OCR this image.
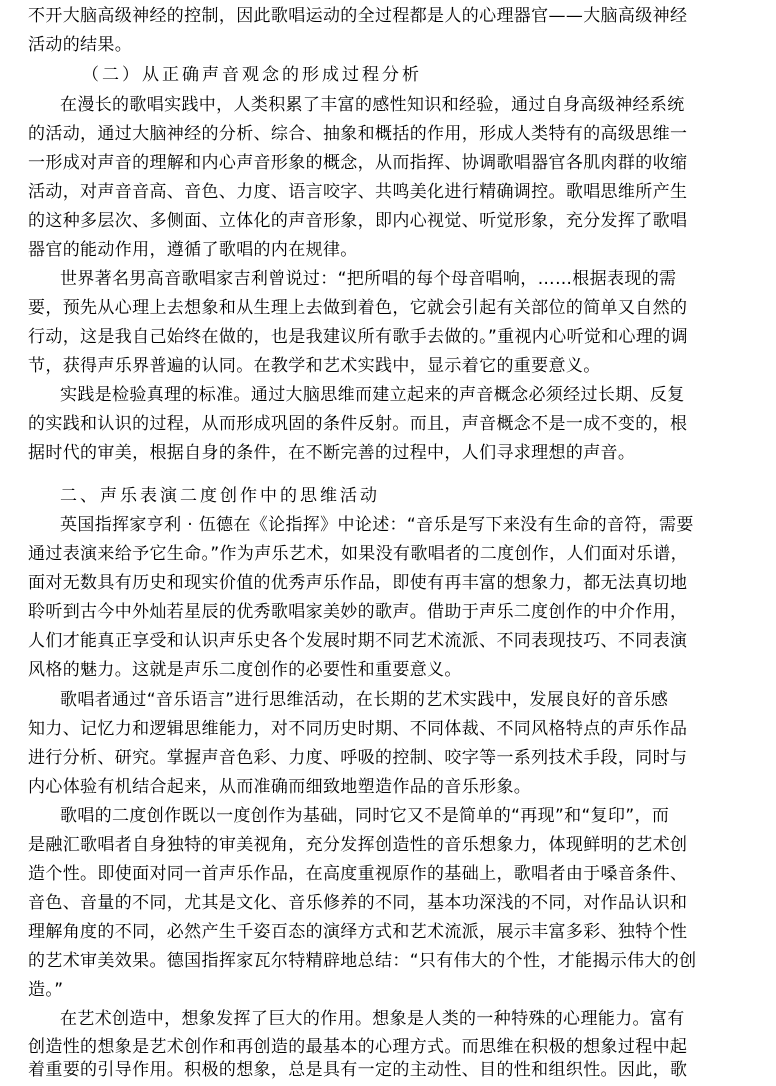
不开大脑高级神经的控制，因此歌唱运动的全过程都是人的心理器官——大脑高级神经
活动的结果。
（二）从正确声音观念的形成过程分析
在漫长的歌唱实践中，人类积累了丰富的感性知识和经验，通过自身高级神经系统
的活动，通过大脑神经的分析、综合、抽象和概括的作用，形成人类特有的高级思维一
一形成对声音的理解和内心声音形象的概念，从而指挥、协调歌唱器官各肌肉群的收缩
活动，对声音音高、音色、力度、语言咬字、共鸣美化进行精确调控。歌唱思维所产生
的这种多层次、多侧面、立体化的声音形象，即内心视觉、听觉形象，充分发挥了歌唱
器官的能动作用，遵循了歌唱的内在规律。
世界著名男高音歌唱家吉利曾说过：“把所唱的每个母音唱响，……根据表现的需
要，预先从心理上去想象和从生理上去做到着色，它就会引起有关部位的简单又自然的
行动，这是我自己始终在做的，也是我建议所有歌手去做的。”重视内心听觉和心理的调
节，获得声乐界普遍的认同。在教学和艺术实践中，显示着它的重要意义。
实践是检验真理的标准。通过大脑思维而建立起来的声音概念必须经过长期、反复
的实践和认识的过程，从而形成巩固的条件反射。而且，声音概念不是一成不变的，根
据时代的审美，根据自身的条件，在不断完善的过程中，人们寻求理想的声音。
二、声乐表演二度创作中的思维活动
英国指挥家亨利 · 伍德在《论指挥》中论述：“音乐是写下来没有生命的音符，需要
通过表演来给予它生命。”作为声乐艺术，如果没有歌唱者的二度创作，人们面对乐谱，
面对无数具有历史和现实价值的优秀声乐作品，即使有再丰富的想象力，都无法真切地
聆听到古今中外灿若星辰的优秀歌唱家美妙的歌声。借助于声乐二度创作的中介作用，
人们才能真正享受和认识声乐史各个发展时期不同艺术流派、不同表现技巧、不同表演
风格的魅力。这就是声乐二度创作的必要性和重要意义。
歌唱者通过“音乐语言”进行思维活动，在长期的艺术实践中，发展良好的音乐感
知力、记忆力和逻辑思维能力，对不同历史时期、不同体裁、不同风格特点的声乐作品
进行分析、研究。掌握声音色彩、力度、呼吸的控制、咬字等一系列技术手段，同时与
内心体验有机结合起来，从而准确而细致地塑造作品的音乐形象。
歌唱的二度创作既以一度创作为基础，同时它又不是简单的“再现”和“复印”，而
是融汇歌唱者自身独特的审美视角，充分发挥创造性的音乐想象力，体现鲜明的艺术创
造个性。即使面对同一首声乐作品，在高度重视原作的基础上，歌唱者由于嗓音条件、
音色、音量的不同，尤其是文化、音乐修养的不同，基本功深浅的不同，对作品认识和
理解角度的不同，必然产生千姿百态的演绎方式和艺术流派，展示丰富多彩、独特个性
的艺术审美效果。德国指挥家瓦尔特精辟地总结：“只有伟大的个性，才能揭示伟大的创
造。”
在艺术创造中，想象发挥了巨大的作用。想象是人类的一种特殊的心理能力。富有
创造性的想象是艺术创作和再创造的最基本的心理方式。而思维在积极的想象过程中起
着重要的引导作用。积极的想象，总是具有一定的主动性、目的性和组织性。因此，歌
